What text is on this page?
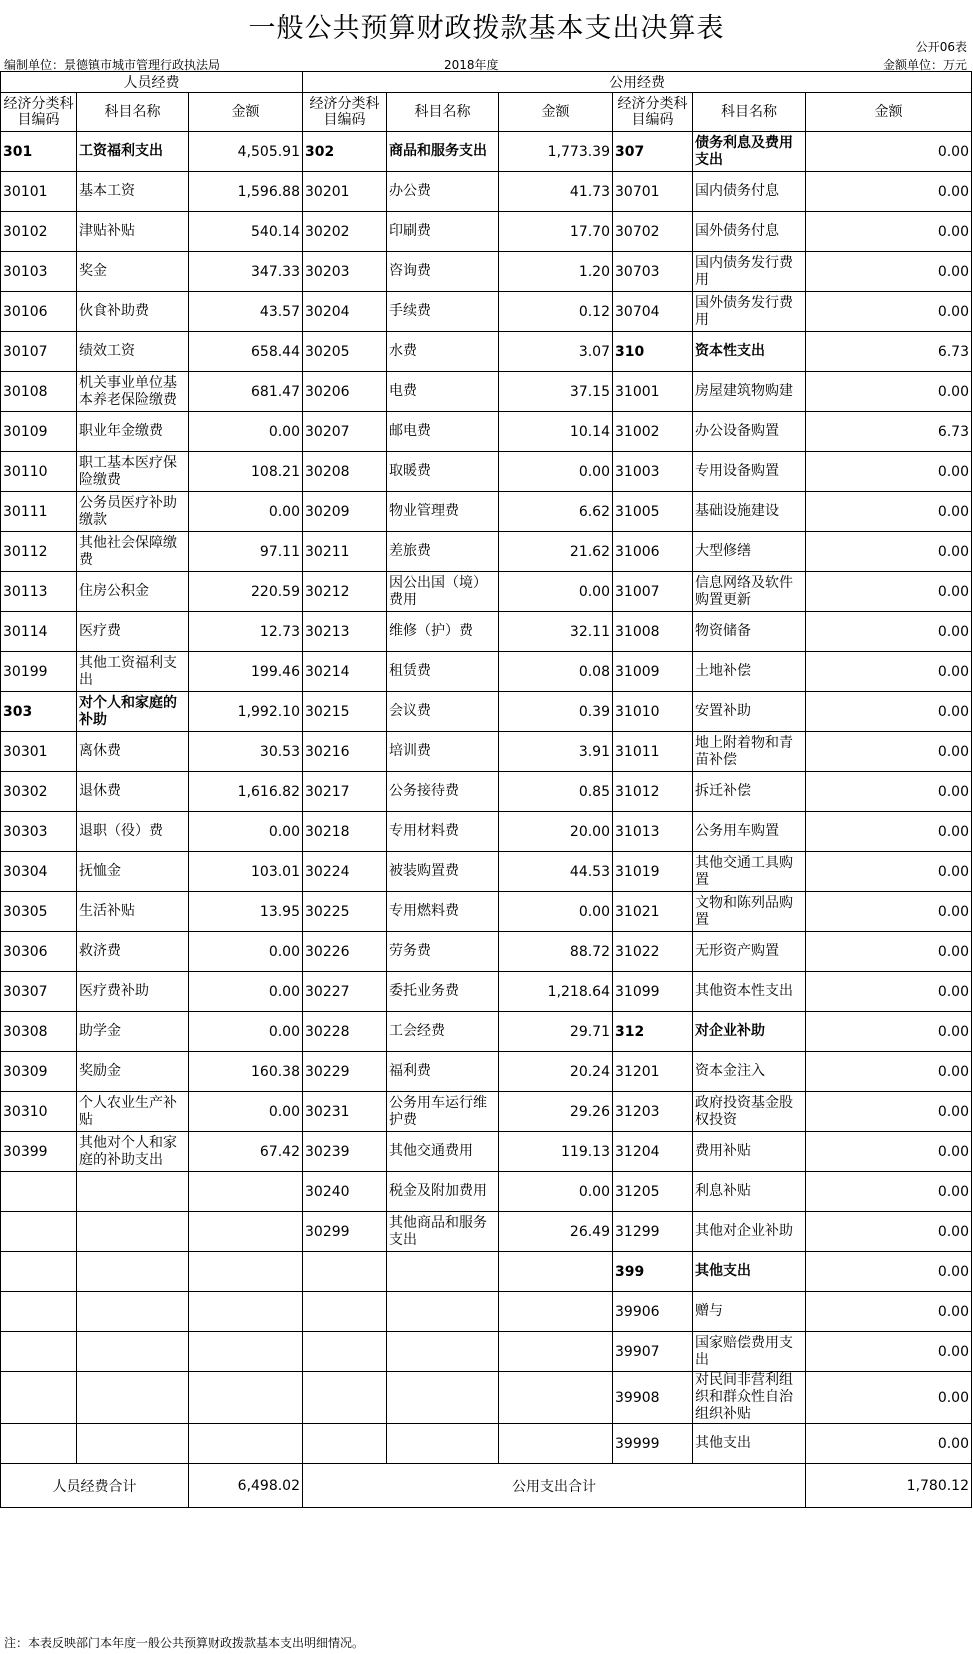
一般公共预算财政拨款基本支出决算表
公开06表
编制单位：景德镇市城市管理行政执法局	2018年度	金额单位：万元
人员经费			公用经费					
经济分类科目编码	科目名称	金额	经济分类科目编码	科目名称	金额	经济分类科目编码	科目名称	金额
301	工资福利支出	4,505.91	302	商品和服务支出	1,773.39	307	债务利息及费用支出	0.00
30101	基本工资	1,596.88	30201	办公费	41.73	30701	国内债务付息	0.00
30102	津贴补贴	540.14	30202	印刷费	17.70	30702	国外债务付息	0.00
30103	奖金	347.33	30203	咨询费	1.20	30703	国内债务发行费用	0.00
30106	伙食补助费	43.57	30204	手续费	0.12	30704	国外债务发行费用	0.00
30107	绩效工资	658.44	30205	水费	3.07	310	资本性支出	6.73
30108	机关事业单位基本养老保险缴费	681.47	30206	电费	37.15	31001	房屋建筑物购建	0.00
30109	职业年金缴费	0.00	30207	邮电费	10.14	31002	办公设备购置	6.73
30110	职工基本医疗保险缴费	108.21	30208	取暖费	0.00	31003	专用设备购置	0.00
30111	公务员医疗补助缴款	0.00	30209	物业管理费	6.62	31005	基础设施建设	0.00
30112	其他社会保障缴费	97.11	30211	差旅费	21.62	31006	大型修缮	0.00
30113	住房公积金	220.59	30212	因公出国（境）费用	0.00	31007	信息网络及软件购置更新	0.00
30114	医疗费	12.73	30213	维修（护）费	32.11	31008	物资储备	0.00
30199	其他工资福利支出	199.46	30214	租赁费	0.08	31009	土地补偿	0.00
303	对个人和家庭的补助	1,992.10	30215	会议费	0.39	31010	安置补助	0.00
30301	离休费	30.53	30216	培训费	3.91	31011	地上附着物和青苗补偿	0.00
30302	退休费	1,616.82	30217	公务接待费	0.85	31012	拆迁补偿	0.00
30303	退职（役）费	0.00	30218	专用材料费	20.00	31013	公务用车购置	0.00
30304	抚恤金	103.01	30224	被装购置费	44.53	31019	其他交通工具购置	0.00
30305	生活补贴	13.95	30225	专用燃料费	0.00	31021	文物和陈列品购置	0.00
30306	救济费	0.00	30226	劳务费	88.72	31022	无形资产购置	0.00
30307	医疗费补助	0.00	30227	委托业务费	1,218.64	31099	其他资本性支出	0.00
30308	助学金	0.00	30228	工会经费	29.71	312	对企业补助	0.00
30309	奖励金	160.38	30229	福利费	20.24	31201	资本金注入	0.00
30310	个人农业生产补贴	0.00	30231	公务用车运行维护费	29.26	31203	政府投资基金股权投资	0.00
30399	其他对个人和家庭的补助支出	67.42	30239	其他交通费用	119.13	31204	费用补贴	0.00
			30240	税金及附加费用	0.00	31205	利息补贴	0.00
			30299	其他商品和服务支出	26.49	31299	其他对企业补助	0.00
						399	其他支出	0.00
						39906	赠与	0.00
						39907	国家赔偿费用支出	0.00
						39908	对民间非营利组织和群众性自治组织补贴	0.00
						39999	其他支出	0.00
人员经费合计		6,498.02	公用支出合计					1,780.12
注：本表反映部门本年度一般公共预算财政拨款基本支出明细情况。
